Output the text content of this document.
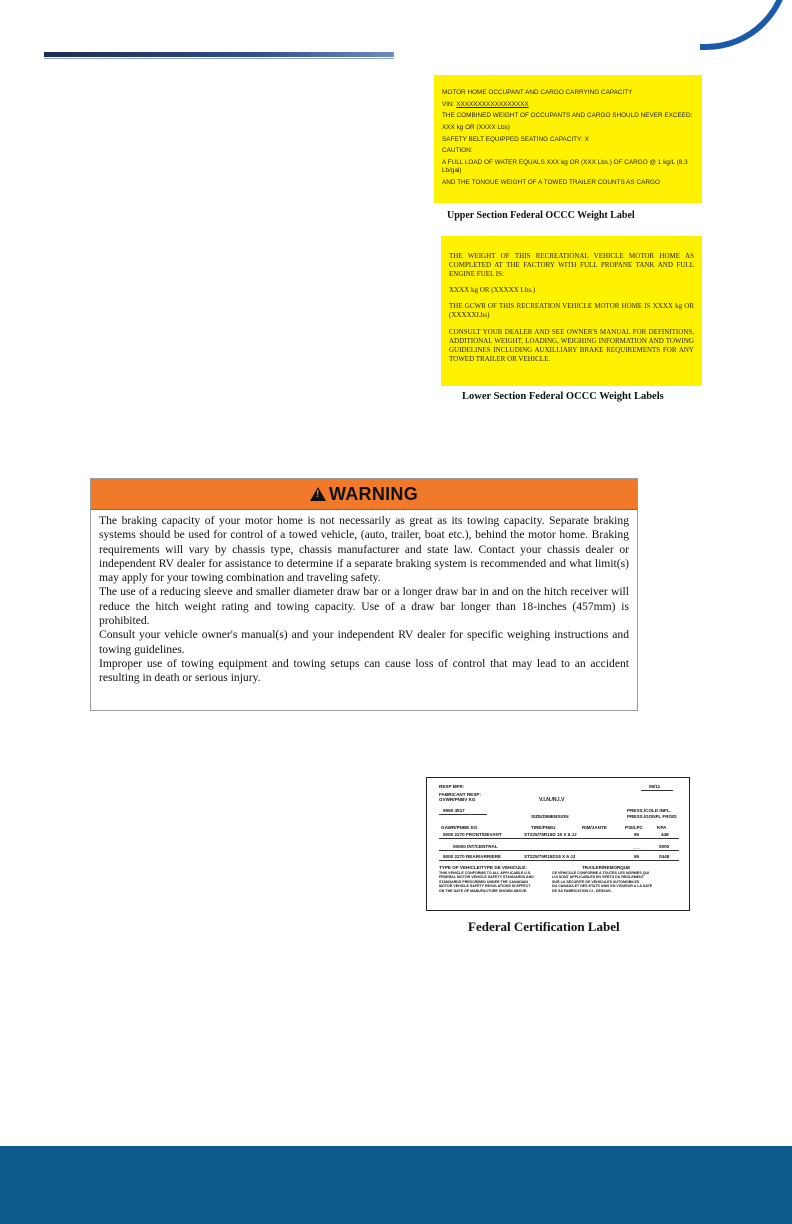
MOTOR HOME OCCUPANT AND CARGO CARRYING CAPACITY

VIN: XXXXXXXXXXXXXXXXX

THE COMBINED WEIGHT OF OCCUPANTS AND CARGO SHOULD NEVER EXCEED:

XXX kg OR (XXXX Lbs)

SAFETY BELT EQUIPPED SEATING CAPACITY: X

CAUTION:

A FULL LOAD OF WATER EQUALS XXX kg OR (XXX Lbs.) OF CARGO @ 1 kg/L (8.3 Lb/gal)

AND THE TONGUE WEIGHT OF A TOWED TRAILER COUNTS AS CARGO

Upper Section Federal OCCC Weight Label

THE WEIGHT OF THIS RECREATIONAL VEHICLE MOTOR HOME AS COMPLETED AT THE FACTORY WITH FULL PROPANE TANK AND FULL ENGINE FUEL IS:

XXXX kg OR (XXXXX Lbs.)

THE GCWR OF THIS RECREATION VEHICLE MOTOR HOME IS XXXX kg OR (XXXXXLbs)

CONSULT YOUR DEALER AND SEE OWNER'S MANUAL FOR DEFINITIONS, ADDITIONAL WEIGHT, LOADING, WEIGHING INFORMATION AND TOWING GUIDELINES INCLUDING AUXILLIARY BRAKE REQUIREMENTS FOR ANY TOWED TRAILER OR VEHICLE.

Lower Section Federal OCCC Weight Labels
!
WARNING

The braking capacity of your motor home is not necessarily as great as its towing capacity. Separate braking systems should be used for control of a towed vehicle, (auto, trailer, boat etc.), behind the motor home. Braking requirements will vary by chassis type, chassis manufacturer and state law. Contact your chassis dealer or independent RV dealer for assistance to determine if a separate braking system is recommended and what limit(s) may apply for your towing combination and traveling safety.

The use of a reducing sleeve and smaller diameter draw bar or a longer draw bar in and on the hitch receiver will reduce the hitch weight rating and towing capacity. Use of a draw bar longer than 18-inches (457mm) is prohibited.

Consult your vehicle owner's manual(s) and your independent RV dealer for specific weighing instructions and towing guidelines.

Improper use of towing equipment and towing setups can cause loss of control that may lead to an accident resulting in death or serious injury.

RESP MFR:	09/11
FABRICANT RESP:
GVWR/PNBV KG	V.I.N./N.I.V
9950 4517	PRESS./COLD INFL.
PRESS./GONFL FROID
SIZE/DIMENSION
GAWR/PNBE KG	TIRE/PNEU	RIM/JANTE	PSI/LPC	KPA
5000 2270 FRONT/DEVANT	ST225/75R15D 15 X 6 JJ	65	448
00000 INT/CENTRAL	___	0000
5000 2270 REAR/ARRIERE	ST225/75R15D15 X 6 JJ	65	0448
TYPE OF VEHICLE/TYPE DE VEHICULE:	TRAILER/REMORQUE
THIS VEHICLE CONFORMS TO ALL APPLICABLE U.S.
FEDERAL MOTOR VEHICLE SAFETY STANDARDS AND
STANDARDS PRESCRIBED UNDER THE CANADIAN
MOTOR VEHICLE SAFETY REGULATIONS IN EFFECT
ON THE DATE OF MANUFACTURE SHOWN ABOVE.
CE VEHICULE CONFORME A TOUTES LES NORMES QUI
LUI SONT APPLICABLES EN VERTU DU REGLEMENT
SUR LA SECURITE DE VEHICULES AUTOMOBILES
DU CANADA ET DES ETATS UNIS EN VIGUEUR A LA DATE
DE SA FABRICATION CI - DESSUS.
Federal Certification Label
